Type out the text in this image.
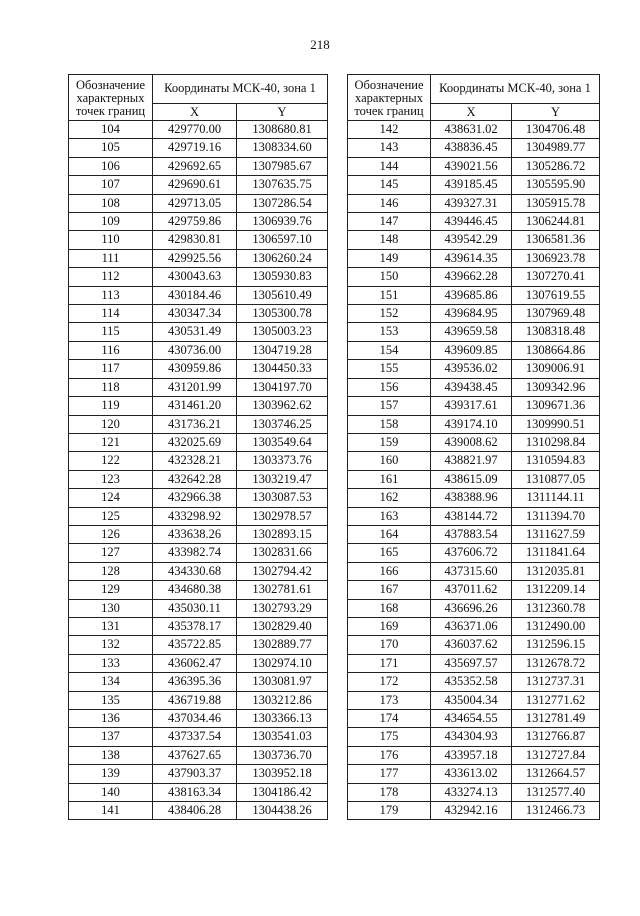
218
Обозначение
характерных
точек границ	Координаты МСК-40, зона 1	
	X	Y
104	429770.00	1308680.81
105	429719.16	1308334.60
106	429692.65	1307985.67
107	429690.61	1307635.75
108	429713.05	1307286.54
109	429759.86	1306939.76
110	429830.81	1306597.10
111	429925.56	1306260.24
112	430043.63	1305930.83
113	430184.46	1305610.49
114	430347.34	1305300.78
115	430531.49	1305003.23
116	430736.00	1304719.28
117	430959.86	1304450.33
118	431201.99	1304197.70
119	431461.20	1303962.62
120	431736.21	1303746.25
121	432025.69	1303549.64
122	432328.21	1303373.76
123	432642.28	1303219.47
124	432966.38	1303087.53
125	433298.92	1302978.57
126	433638.26	1302893.15
127	433982.74	1302831.66
128	434330.68	1302794.42
129	434680.38	1302781.61
130	435030.11	1302793.29
131	435378.17	1302829.40
132	435722.85	1302889.77
133	436062.47	1302974.10
134	436395.36	1303081.97
135	436719.88	1303212.86
136	437034.46	1303366.13
137	437337.54	1303541.03
138	437627.65	1303736.70
139	437903.37	1303952.18
140	438163.34	1304186.42
141	438406.28	1304438.26
Обозначение
характерных
точек границ	Координаты МСК-40, зона 1	
	X	Y
142	438631.02	1304706.48
143	438836.45	1304989.77
144	439021.56	1305286.72
145	439185.45	1305595.90
146	439327.31	1305915.78
147	439446.45	1306244.81
148	439542.29	1306581.36
149	439614.35	1306923.78
150	439662.28	1307270.41
151	439685.86	1307619.55
152	439684.95	1307969.48
153	439659.58	1308318.48
154	439609.85	1308664.86
155	439536.02	1309006.91
156	439438.45	1309342.96
157	439317.61	1309671.36
158	439174.10	1309990.51
159	439008.62	1310298.84
160	438821.97	1310594.83
161	438615.09	1310877.05
162	438388.96	1311144.11
163	438144.72	1311394.70
164	437883.54	1311627.59
165	437606.72	1311841.64
166	437315.60	1312035.81
167	437011.62	1312209.14
168	436696.26	1312360.78
169	436371.06	1312490.00
170	436037.62	1312596.15
171	435697.57	1312678.72
172	435352.58	1312737.31
173	435004.34	1312771.62
174	434654.55	1312781.49
175	434304.93	1312766.87
176	433957.18	1312727.84
177	433613.02	1312664.57
178	433274.13	1312577.40
179	432942.16	1312466.73
